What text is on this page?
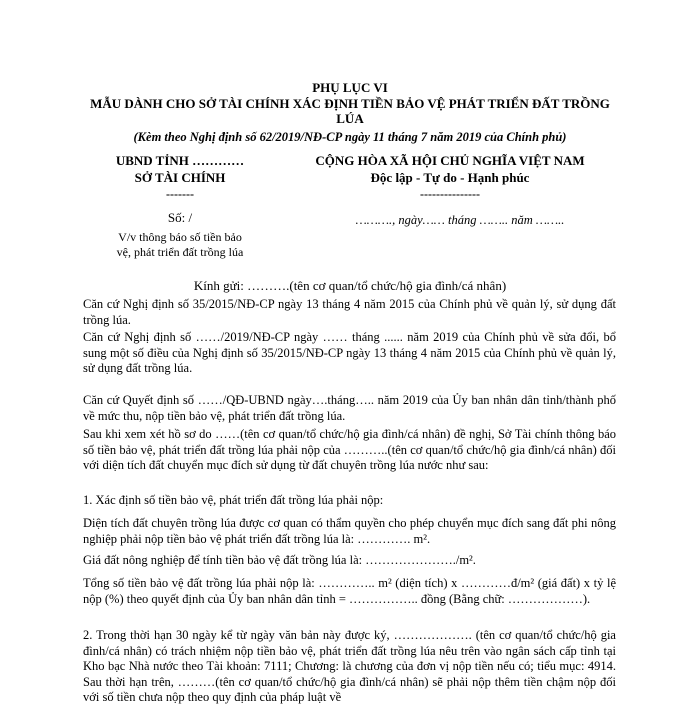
PHỤ LỤC VI
MẪU DÀNH CHO SỞ TÀI CHÍNH XÁC ĐỊNH TIỀN BẢO VỆ PHÁT TRIỂN ĐẤT TRỒNG LÚA
(Kèm theo Nghị định số 62/2019/NĐ-CP ngày 11 tháng 7 năm 2019 của Chính phủ)
UBND TỈNH …………
SỞ TÀI CHÍNH
-------
CỘNG HÒA XÃ HỘI CHỦ NGHĨA VIỆT NAM
Độc lập - Tự do - Hạnh phúc
---------------
Số: /
V/v thông báo số tiền bảo
vệ, phát triển đất trồng lúa
………., ngày…… tháng …….. năm ……..
Kính gửi: ……….(tên cơ quan/tổ chức/hộ gia đình/cá nhân)
Căn cứ Nghị định số 35/2015/NĐ-CP ngày 13 tháng 4 năm 2015 của Chính phủ về quản lý, sử dụng đất trồng lúa.
Căn cứ Nghị định số ……/2019/NĐ-CP ngày …… tháng ...... năm 2019 của Chính phủ về sửa đổi, bổ sung một số điều của Nghị định số 35/2015/NĐ-CP ngày 13 tháng 4 năm 2015 của Chính phủ về quản lý, sử dụng đất trồng lúa.
Căn cứ Quyết định số ……/QĐ-UBND ngày….tháng….. năm 2019 của Ủy ban nhân dân tỉnh/thành phố về mức thu, nộp tiền bảo vệ, phát triển đất trồng lúa.
Sau khi xem xét hồ sơ do ……(tên cơ quan/tổ chức/hộ gia đình/cá nhân) đề nghị, Sở Tài chính thông báo số tiền bảo vệ, phát triển đất trồng lúa phải nộp của ………..(tên cơ quan/tổ chức/hộ gia đình/cá nhân) đối với diện tích đất chuyển mục đích sử dụng từ đất chuyên trồng lúa nước như sau:
1. Xác định số tiền bảo vệ, phát triển đất trồng lúa phải nộp:
Diện tích đất chuyên trồng lúa được cơ quan có thẩm quyền cho phép chuyển mục đích sang đất phi nông nghiệp phải nộp tiền bảo vệ phát triển đất trồng lúa là: …………. m².
Giá đất nông nghiệp để tính tiền bảo vệ đất trồng lúa là: …………………./m².
Tổng số tiền bảo vệ đất trồng lúa phải nộp là: ………….. m² (diện tích) x …………đ/m² (giá đất) x tỷ lệ nộp (%) theo quyết định của Ủy ban nhân dân tỉnh = …………….. đồng (Bằng chữ: ………………).
2. Trong thời hạn 30 ngày kể từ ngày văn bản này được ký, ………………. (tên cơ quan/tổ chức/hộ gia đình/cá nhân) có trách nhiệm nộp tiền bảo vệ, phát triển đất trồng lúa nêu trên vào ngân sách cấp tỉnh tại Kho bạc Nhà nước theo Tài khoản: 7111; Chương: là chương của đơn vị nộp tiền nếu có; tiểu mục: 4914. Sau thời hạn trên, ………(tên cơ quan/tổ chức/hộ gia đình/cá nhân) sẽ phải nộp thêm tiền chậm nộp đối với số tiền chưa nộp theo quy định của pháp luật về
